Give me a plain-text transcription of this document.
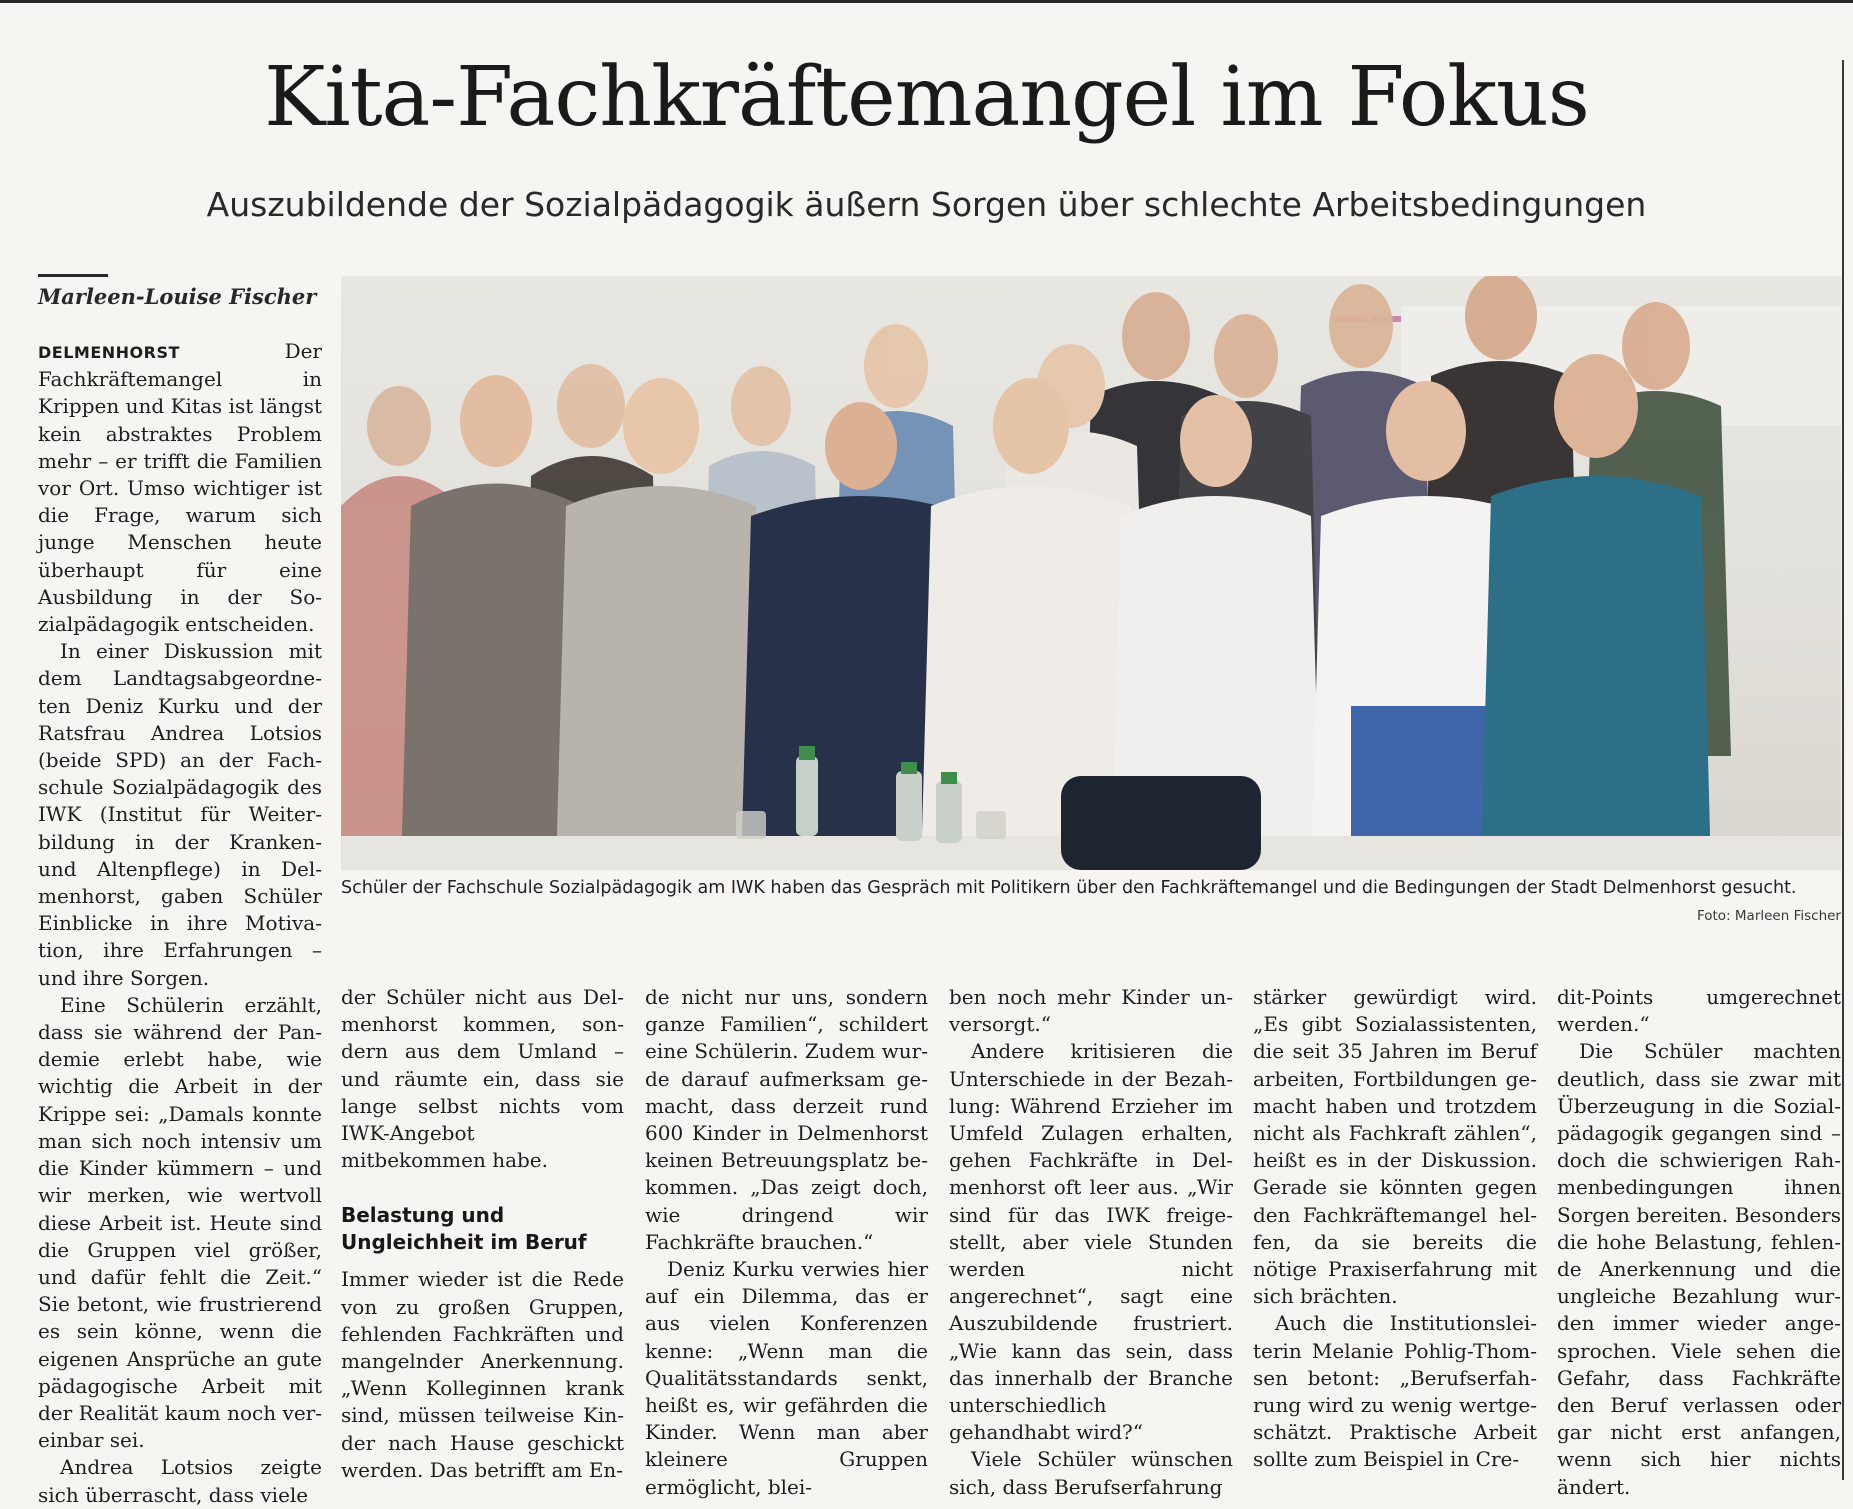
Kita-Fachkräftemangel im Fokus
Auszubildende der Sozialpädagogik äußern Sorgen über schlechte Arbeitsbedingungen
Marleen-Louise Fischer
Schüler der Fachschule Sozialpädagogik am IWK haben das Gespräch mit Politikern über den Fachkräftemangel und die Bedingungen der Stadt Delmenhorst gesucht.
Foto: Marleen Fischer

DELMENHORST	Der Fachkräftemangel in Krippen und Kitas ist längst kein abstraktes Problem mehr – er trifft die Familien vor Ort. Umso wichtiger ist die Frage, warum sich junge Menschen heute überhaupt für eine Ausbildung in der Sozialpädagogik entscheiden.

In einer Diskussion mit dem Landtagsabgeordneten Deniz Kurku und der Ratsfrau Andrea Lotsios (beide SPD) an der Fachschule Sozialpädagogik des IWK (Institut für Weiterbildung in der Kranken- und Altenpflege) in Delmenhorst, gaben Schüler Einblicke in ihre Motivation, ihre Erfahrungen – und ihre Sorgen.

Eine Schülerin erzählt, dass sie während der Pandemie erlebt habe, wie wichtig die Arbeit in der Krippe sei: „Damals konnte man sich noch intensiv um die Kinder kümmern – und wir merken, wie wertvoll diese Arbeit ist. Heute sind die Gruppen viel größer, und dafür fehlt die Zeit.“ Sie betont, wie frustrierend es sein könne, wenn die eigenen Ansprüche an gute pädagogische Arbeit mit der Realität kaum noch vereinbar sei.

Andrea Lotsios zeigte sich überrascht, dass viele

der Schüler nicht aus Delmenhorst kommen, sondern aus dem Umland – und räumte ein, dass sie lange selbst nichts vom IWK-Angebot mitbekommen habe.

Belastung und Ungleichheit im Beruf

Immer wieder ist die Rede von zu großen Gruppen, fehlenden Fachkräften und mangelnder Anerkennung. „Wenn Kolleginnen krank sind, müssen teilweise Kinder nach Hause geschickt werden. Das betrifft am En-

de nicht nur uns, sondern ganze Familien“, schildert eine Schülerin. Zudem wurde darauf aufmerksam gemacht, dass derzeit rund 600 Kinder in Delmenhorst keinen Betreuungsplatz bekommen. „Das zeigt doch, wie dringend wir Fachkräfte brauchen.“

Deniz Kurku verwies hier auf ein Dilemma, das er aus vielen Konferenzen kenne: „Wenn man die Qualitätsstandards senkt, heißt es, wir gefährden die Kinder. Wenn man aber kleinere Gruppen ermöglicht, blei-

ben noch mehr Kinder unversorgt.“

Andere kritisieren die Unterschiede in der Bezahlung: Während Erzieher im Umfeld Zulagen erhalten, gehen Fachkräfte in Delmenhorst oft leer aus. „Wir sind für das IWK freigestellt, aber viele Stunden werden nicht angerechnet“, sagt eine Auszubildende frustriert. „Wie kann das sein, dass das innerhalb der Branche unterschiedlich gehandhabt wird?“

Viele Schüler wünschen sich, dass Berufserfahrung

stärker gewürdigt wird. „Es gibt Sozialassistenten, die seit 35 Jahren im Beruf arbeiten, Fortbildungen gemacht haben und trotzdem nicht als Fachkraft zählen“, heißt es in der Diskussion. Gerade sie könnten gegen den Fachkräftemangel helfen, da sie bereits die nötige Praxiserfahrung mit sich brächten.

Auch die Institutionsleiterin Melanie Pohlig-Thomsen betont: „Berufserfahrung wird zu wenig wertgeschätzt. Praktische Arbeit sollte zum Beispiel in Cre-

dit-Points umgerechnet werden.“

Die Schüler machten deutlich, dass sie zwar mit Überzeugung in die Sozialpädagogik gegangen sind – doch die schwierigen Rahmenbedingungen ihnen Sorgen bereiten. Besonders die hohe Belastung, fehlende Anerkennung und die ungleiche Bezahlung wurden immer wieder angesprochen. Viele sehen die Gefahr, dass Fachkräfte den Beruf verlassen oder gar nicht erst anfangen, wenn sich hier nichts ändert.
